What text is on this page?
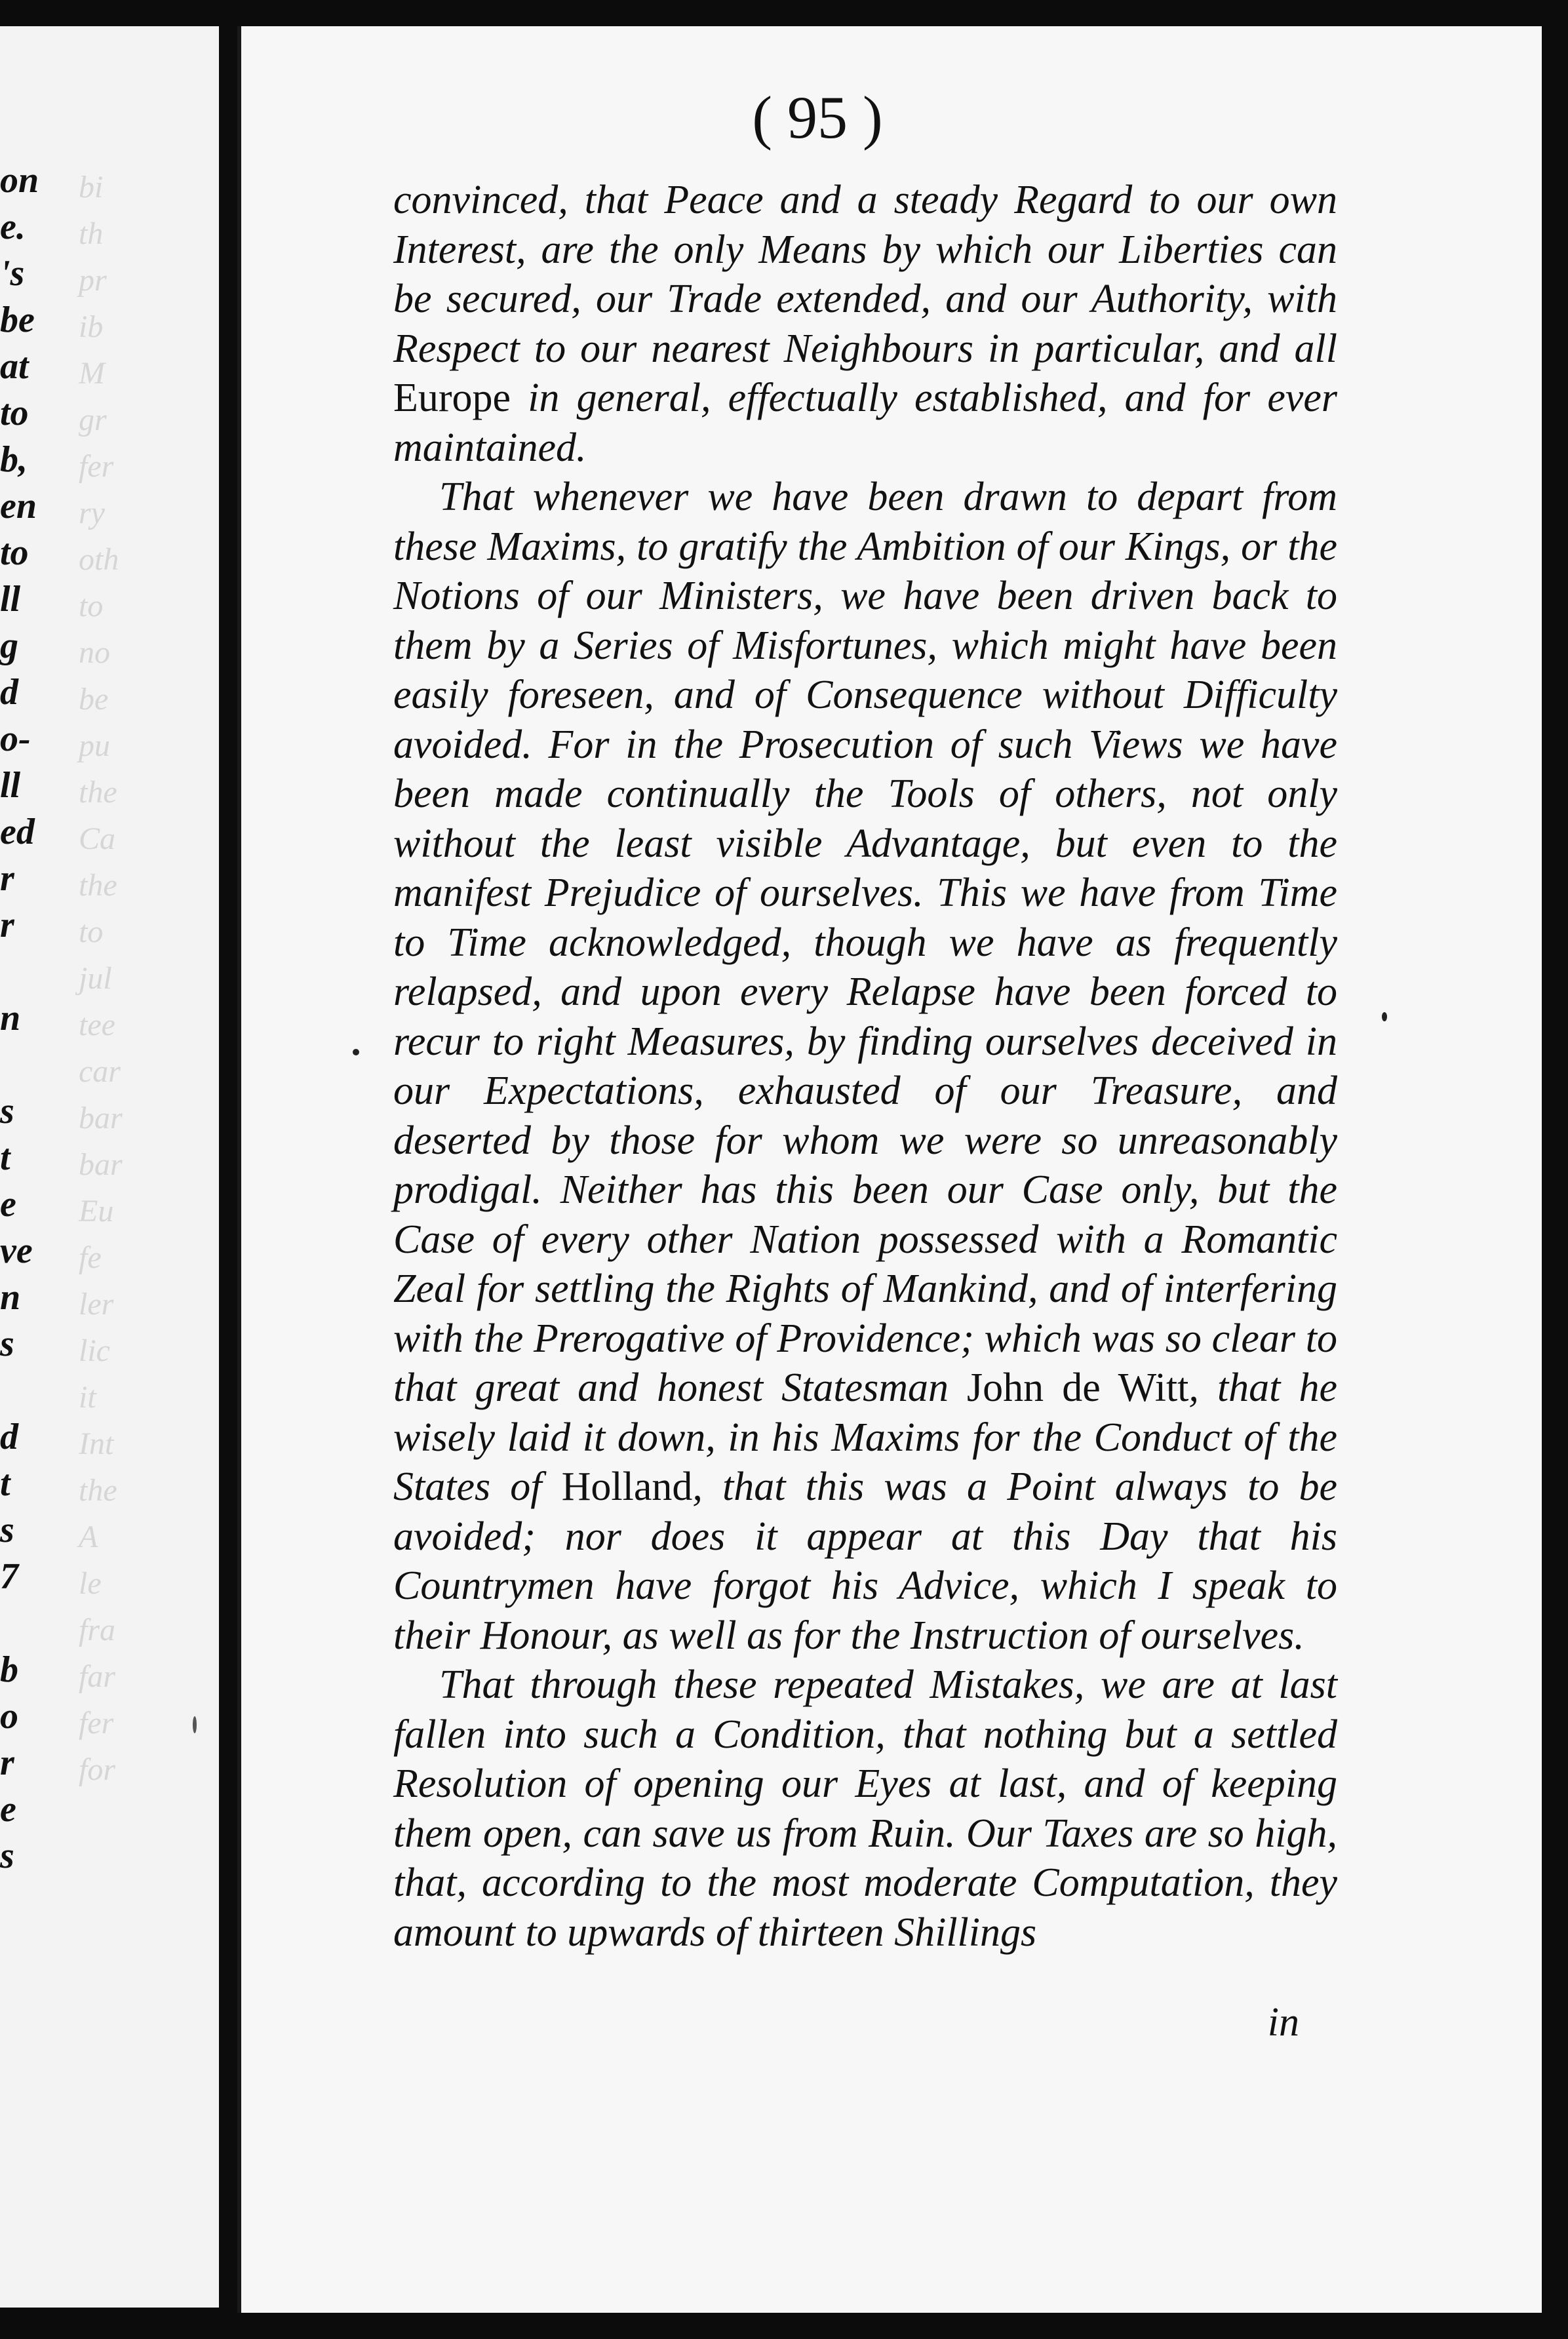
on
e.
's
be
at
to
b,
en
to
ll
g
d
o-
ll
ed
r
r
n
s
t
e
ve
n
s
d
t
s
7
b
o
r
e
s
bi
th
pr
ib
M
gr
fer
ry
oth
to
no
be
pu
the
Ca
the
to
jul
tee
car
bar
bar
Eu
fe
ler
lic
it
Int
the
A
le
fra
far
fer
for
( 95 )

convinced, that Peace and a steady Regard to our own Interest, are the only Means by which our Liberties can be secured, our Trade extended, and our Authority, with Respect to our nearest Neighbours in particular, and all Europe in general, effectually established, and for ever maintained.

That whenever we have been drawn to depart from these Maxims, to gratify the Ambition of our Kings, or the Notions of our Ministers, we have been driven back to them by a Series of Misfortunes, which might have been easily foreseen, and of Consequence without Difficulty avoided. For in the Prosecution of such Views we have been made continually the Tools of others, not only without the least visible Advantage, but even to the manifest Prejudice of ourselves. This we have from Time to Time acknowledged, though we have as frequently relapsed, and upon every Relapse have been forced to recur to right Measures, by finding ourselves deceived in our Expectations, exhausted of our Treasure, and deserted by those for whom we were so unreasonably prodigal. Neither has this been our Case only, but the Case of every other Nation possessed with a Romantic Zeal for settling the Rights of Mankind, and of interfering with the Prerogative of Providence; which was so clear to that great and honest Statesman John de Witt, that he wisely laid it down, in his Maxims for the Conduct of the States of Holland, that this was a Point always to be avoided; nor does it appear at this Day that his Countrymen have forgot his Advice, which I speak to their Honour, as well as for the Instruction of ourselves.

That through these repeated Mistakes, we are at last fallen into such a Condition, that nothing but a settled Resolution of opening our Eyes at last, and of keeping them open, can save us from Ruin. Our Taxes are so high, that, according to the most moderate Computation, they amount to upwards of thirteen Shillings

in
